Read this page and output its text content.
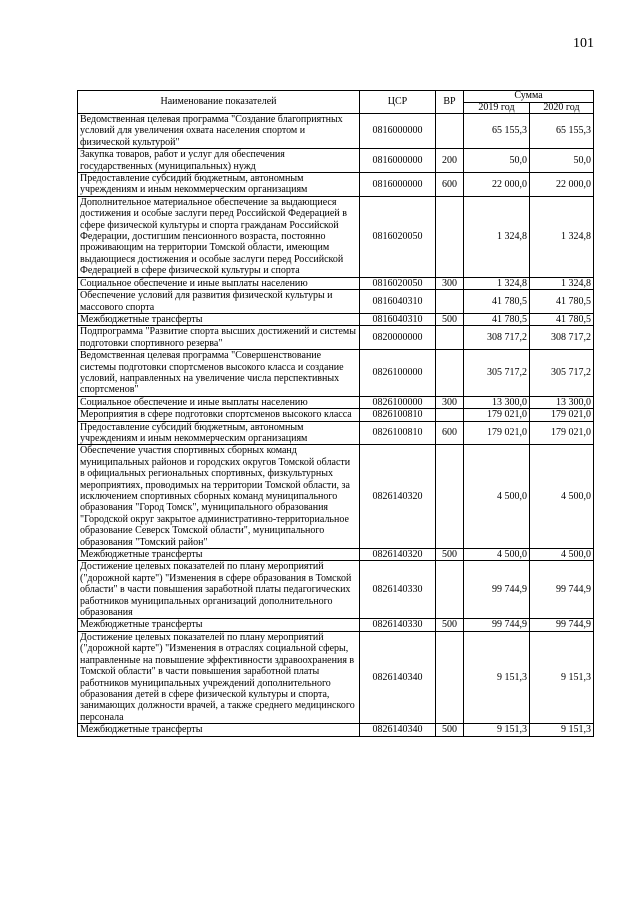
101
Наименование показателей	ЦСР	ВР	Сумма	
			2019 год	2020 год
Ведомственная целевая программа "Создание благоприятных условий для увеличения охвата населения спортом и физической культурой"	0816000000		65 155,3	65 155,3
Закупка товаров, работ и услуг для обеспечения государственных (муниципальных) нужд	0816000000	200	50,0	50,0
Предоставление субсидий бюджетным, автономным учреждениям и иным некоммерческим организациям	0816000000	600	22 000,0	22 000,0
Дополнительное материальное обеспечение за выдающиеся достижения и особые заслуги перед Российской Федерацией в сфере физической культуры и спорта гражданам Российской Федерации, достигшим пенсионного возраста, постоянно проживающим на территории Томской области, имеющим выдающиеся достижения и особые заслуги перед Российской Федерацией в сфере физической культуры и спорта	0816020050		1 324,8	1 324,8
Социальное обеспечение и иные выплаты населению	0816020050	300	1 324,8	1 324,8
Обеспечение условий для развития физической культуры и массового спорта	0816040310		41 780,5	41 780,5
Межбюджетные трансферты	0816040310	500	41 780,5	41 780,5
Подпрограмма "Развитие спорта высших достижений и системы подготовки спортивного резерва"	0820000000		308 717,2	308 717,2
Ведомственная целевая программа "Совершенствование системы подготовки спортсменов высокого класса и создание условий, направленных на увеличение числа перспективных спортсменов"	0826100000		305 717,2	305 717,2
Социальное обеспечение и иные выплаты населению	0826100000	300	13 300,0	13 300,0
Мероприятия в сфере подготовки спортсменов высокого класса	0826100810		179 021,0	179 021,0
Предоставление субсидий бюджетным, автономным учреждениям и иным некоммерческим организациям	0826100810	600	179 021,0	179 021,0
Обеспечение участия спортивных сборных команд муниципальных районов и городских округов Томской области в официальных региональных спортивных, физкультурных мероприятиях, проводимых на территории Томской области, за исключением спортивных сборных команд муниципального образования "Город Томск", муниципального образования "Городской округ закрытое административно-территориальное образование Северск Томской области", муниципального образования "Томский район"	0826140320		4 500,0	4 500,0
Межбюджетные трансферты	0826140320	500	4 500,0	4 500,0
Достижение целевых показателей по плану мероприятий ("дорожной карте") "Изменения в сфере образования в Томской области" в части повышения заработной платы педагогических работников муниципальных организаций дополнительного образования	0826140330		99 744,9	99 744,9
Межбюджетные трансферты	0826140330	500	99 744,9	99 744,9
Достижение целевых показателей по плану мероприятий ("дорожной карте") "Изменения в отраслях социальной сферы, направленные на повышение эффективности здравоохранения в Томской области" в части повышения заработной платы работников муниципальных учреждений дополнительного образования детей в сфере физической культуры и спорта, занимающих должности врачей, а также среднего медицинского персонала	0826140340		9 151,3	9 151,3
Межбюджетные трансферты	0826140340	500	9 151,3	9 151,3
